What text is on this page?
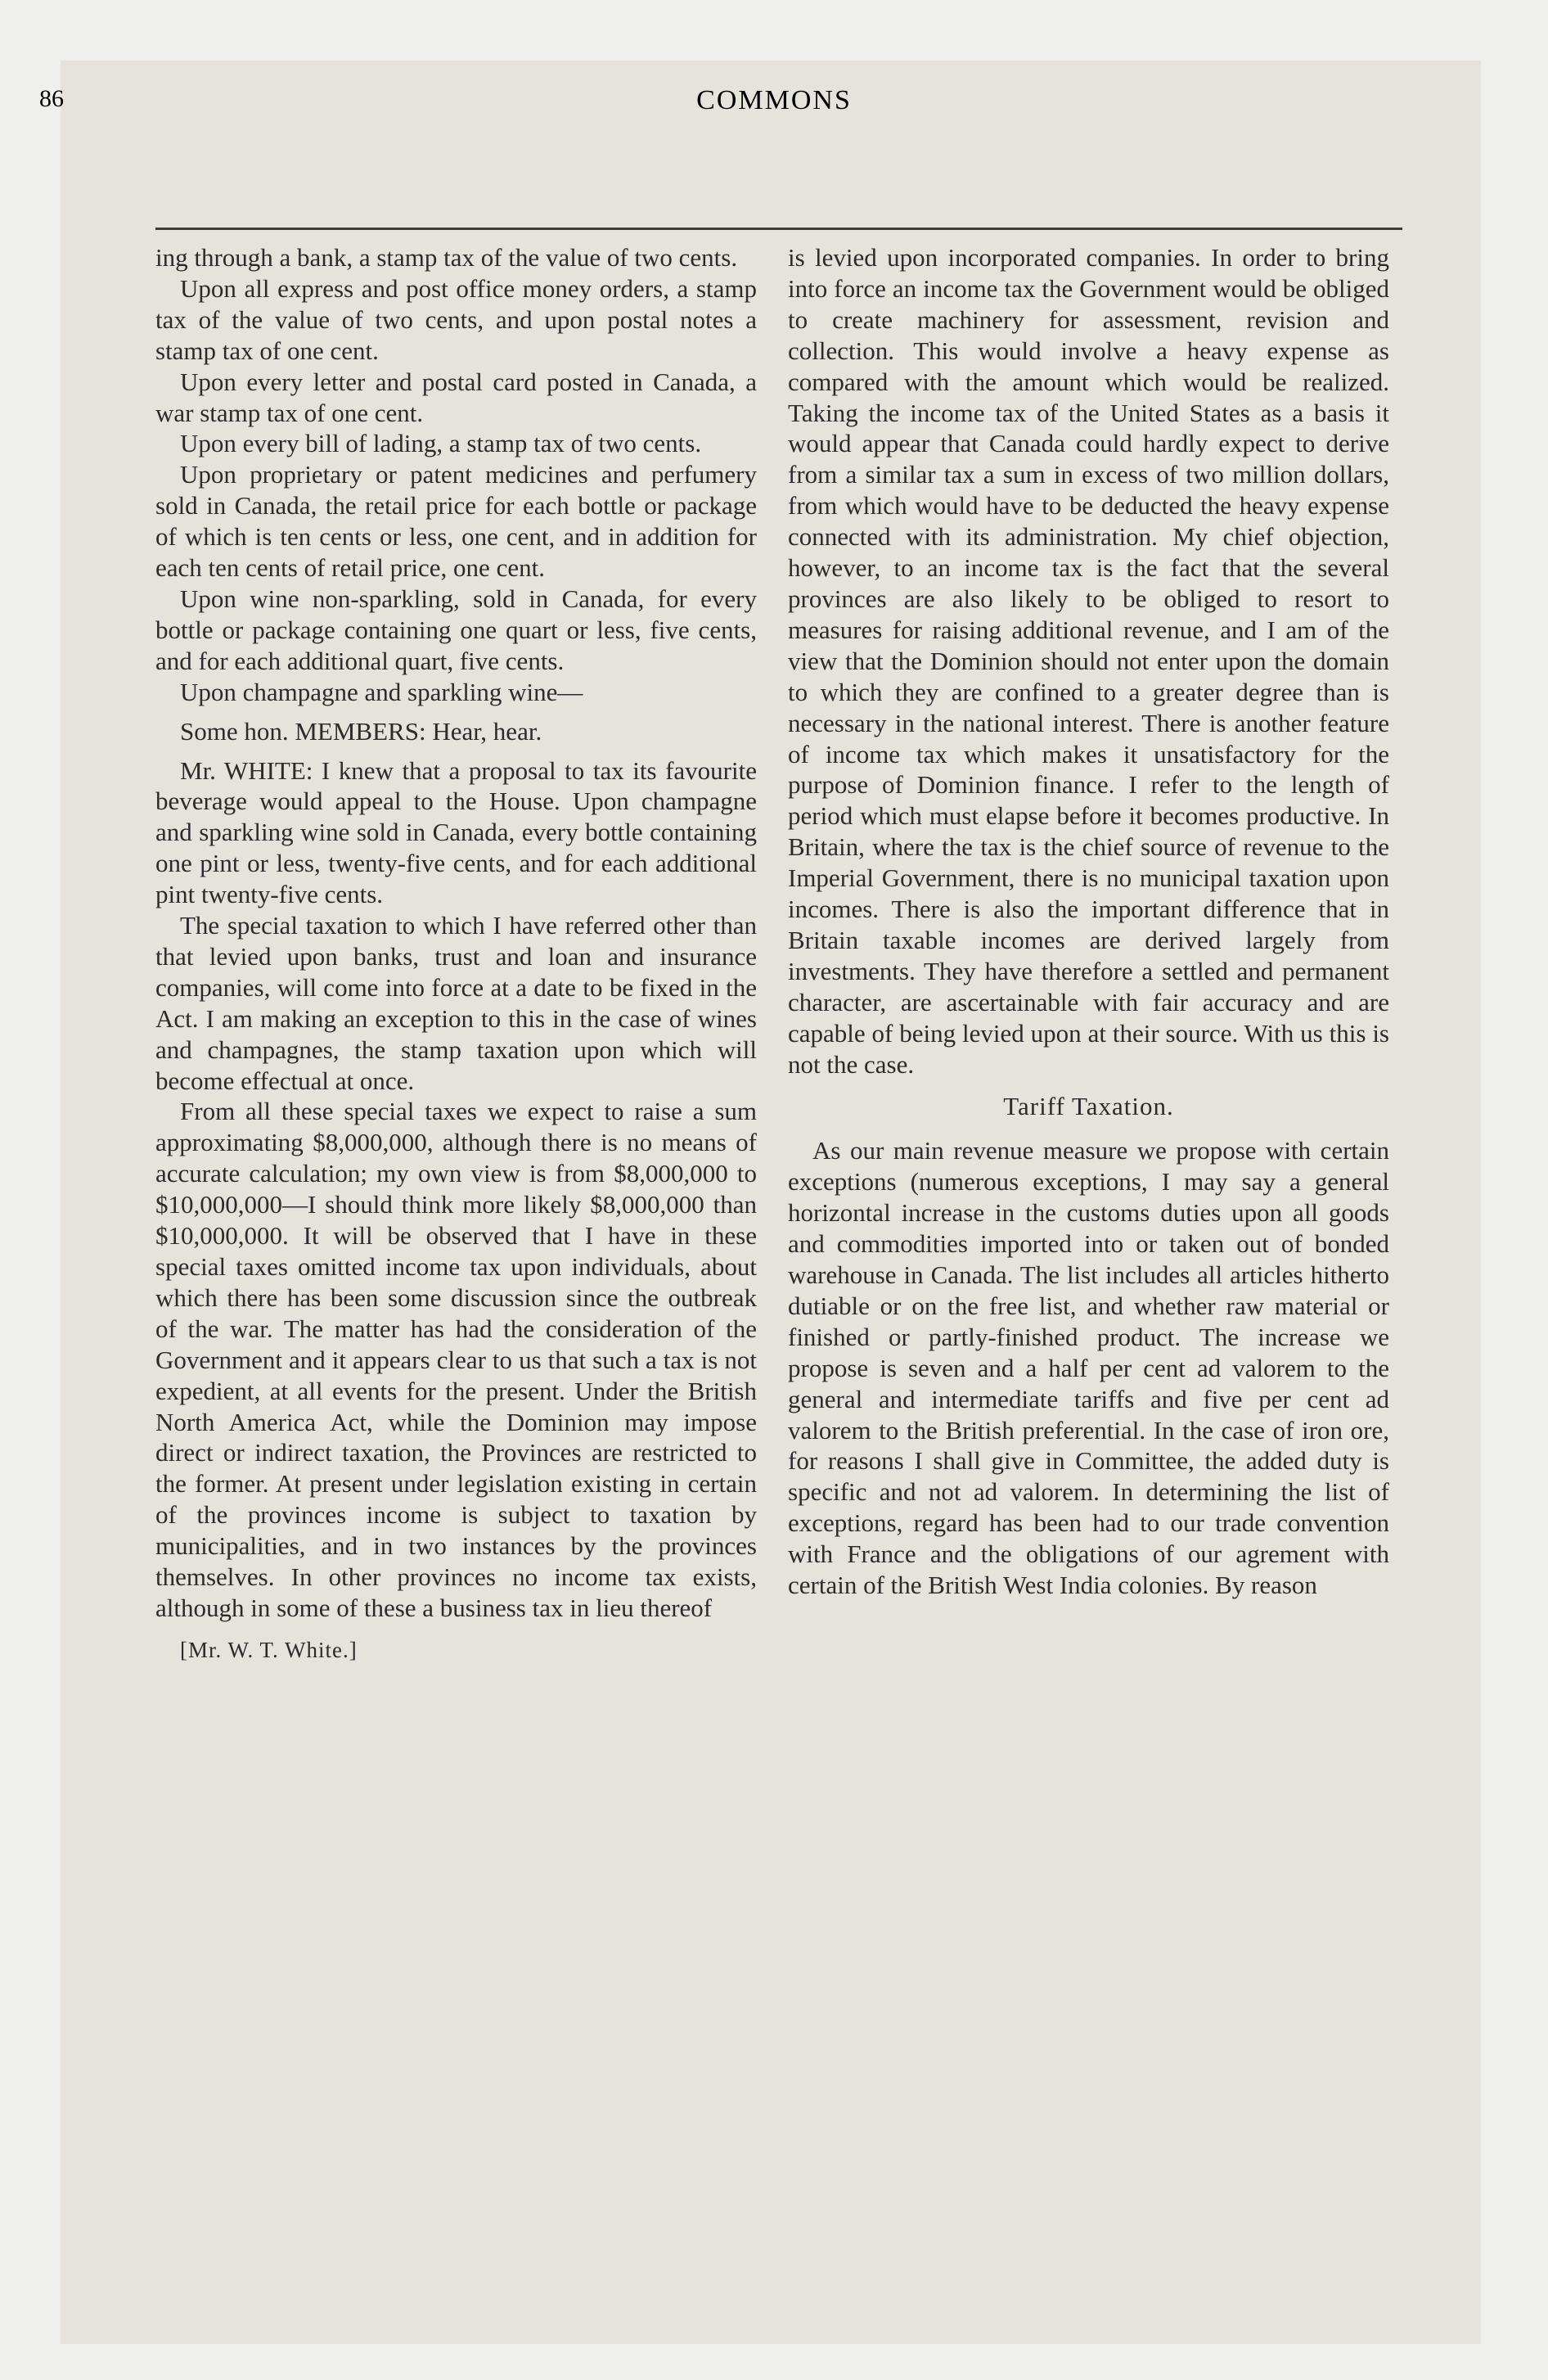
86	COMMONS

ing through a bank, a stamp tax of the value of two cents.

Upon all express and post office money orders, a stamp tax of the value of two cents, and upon postal notes a stamp tax of one cent.

Upon every letter and postal card posted in Canada, a war stamp tax of one cent.

Upon every bill of lading, a stamp tax of two cents.

Upon proprietary or patent medicines and perfumery sold in Canada, the retail price for each bottle or package of which is ten cents or less, one cent, and in addition for each ten cents of retail price, one cent.

Upon wine non-sparkling, sold in Canada, for every bottle or package containing one quart or less, five cents, and for each additional quart, five cents.

Upon champagne and sparkling wine—

Some hon. MEMBERS: Hear, hear.

Mr. WHITE: I knew that a proposal to tax its favourite beverage would appeal to the House. Upon champagne and sparkling wine sold in Canada, every bottle containing one pint or less, twenty-five cents, and for each additional pint twenty-five cents.

The special taxation to which I have referred other than that levied upon banks, trust and loan and insurance companies, will come into force at a date to be fixed in the Act. I am making an exception to this in the case of wines and champagnes, the stamp taxation upon which will become effectual at once.

From all these special taxes we expect to raise a sum approximating $8,000,000, although there is no means of accurate calculation; my own view is from $8,000,000 to $10,000,000—I should think more likely $8,000,000 than $10,000,000. It will be observed that I have in these special taxes omitted income tax upon individuals, about which there has been some discussion since the outbreak of the war. The matter has had the consideration of the Government and it appears clear to us that such a tax is not expedient, at all events for the present. Under the British North America Act, while the Dominion may impose direct or indirect taxation, the Provinces are restricted to the former. At present under legislation existing in certain of the provinces income is subject to taxation by municipalities, and in two instances by the provinces themselves. In other provinces no income tax exists, although in some of these a business tax in lieu thereof

[Mr. W. T. White.]

is levied upon incorporated companies. In order to bring into force an income tax the Government would be obliged to create machinery for assessment, revision and collection. This would involve a heavy expense as compared with the amount which would be realized. Taking the income tax of the United States as a basis it would appear that Canada could hardly expect to derive from a similar tax a sum in excess of two million dollars, from which would have to be deducted the heavy expense connected with its administration. My chief objection, however, to an income tax is the fact that the several provinces are also likely to be obliged to resort to measures for raising additional revenue, and I am of the view that the Dominion should not enter upon the domain to which they are confined to a greater degree than is necessary in the national interest. There is another feature of income tax which makes it unsatisfactory for the purpose of Dominion finance. I refer to the length of period which must elapse before it becomes productive. In Britain, where the tax is the chief source of revenue to the Imperial Government, there is no municipal taxation upon incomes. There is also the important difference that in Britain taxable incomes are derived largely from investments. They have therefore a settled and permanent character, are ascertainable with fair accuracy and are capable of being levied upon at their source. With us this is not the case.

Tariff Taxation.

As our main revenue measure we propose with certain exceptions (numerous exceptions, I may say a general horizontal increase in the customs duties upon all goods and commodities imported into or taken out of bonded warehouse in Canada. The list includes all articles hitherto dutiable or on the free list, and whether raw material or finished or partly-finished product. The increase we propose is seven and a half per cent ad valorem to the general and intermediate tariffs and five per cent ad valorem to the British preferential. In the case of iron ore, for reasons I shall give in Committee, the added duty is specific and not ad valorem. In determining the list of exceptions, regard has been had to our trade convention with France and the obligations of our agrement with certain of the British West India colonies. By reason
